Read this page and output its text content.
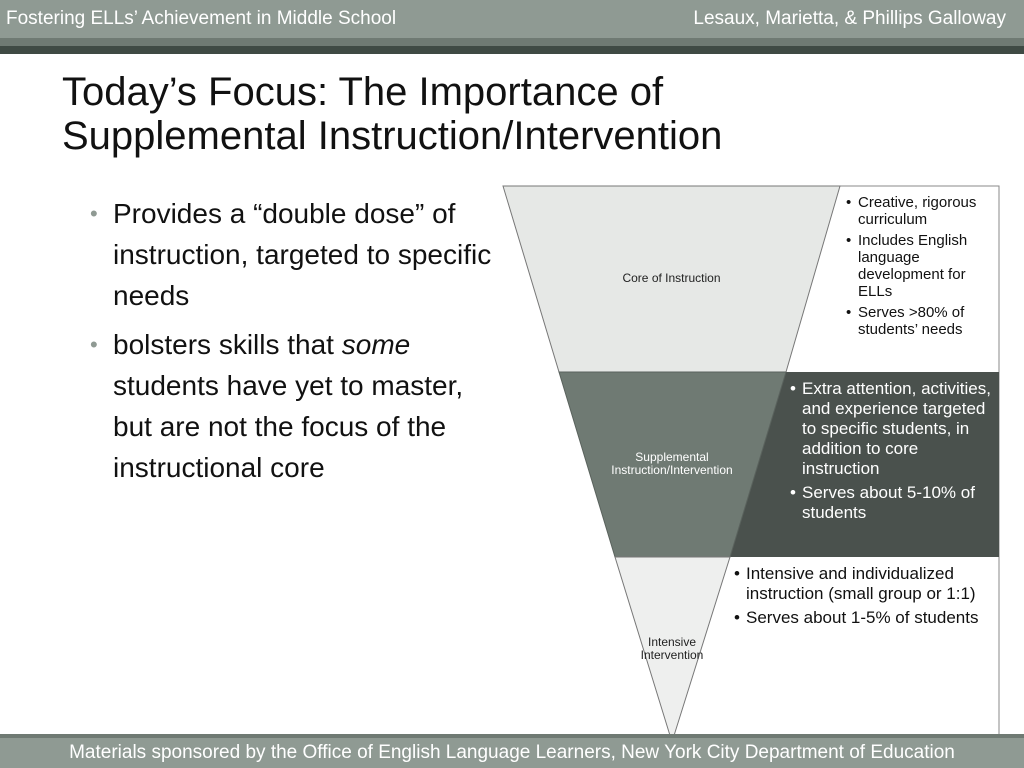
Fostering ELLs’ Achievement in Middle School	Lesaux, Marietta, & Phillips Galloway
Today’s Focus: The Importance of
Supplemental Instruction/Intervention
• Provides a “double dose” of instruction, targeted to specific needs
• bolsters skills that some students have yet to master, but are not the focus of the instructional core
Core of Instruction
Supplemental
Instruction/Intervention
Intensive
Intervention
• Creative, rigorous curriculum
• Includes English language development for ELLs
• Serves >80% of students’ needs
• Extra attention, activities, and experience targeted to specific students, in addition to core instruction
• Serves about 5-10% of students
• Intensive and individualized instruction (small group or 1:1)
• Serves about 1-5% of students
Materials sponsored by the Office of English Language Learners, New York City Department of Education
